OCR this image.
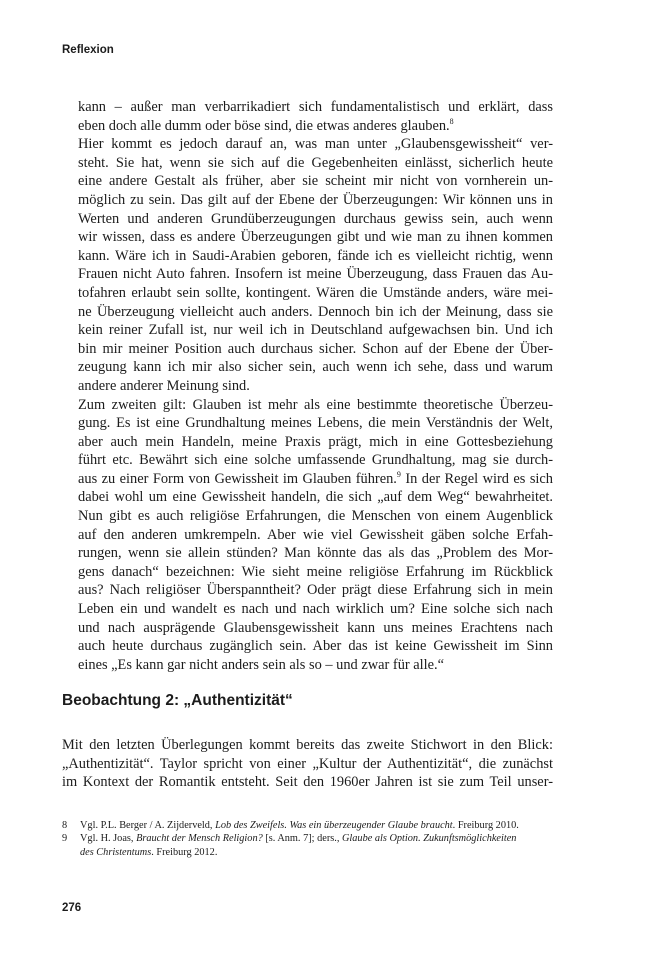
Reflexion
kann – außer man verbarrikadiert sich fundamentalistisch und erklärt, dass
eben doch alle dumm oder böse sind, die etwas anderes glauben.$^8$
Hier kommt es jedoch darauf an, was man unter „Glaubensgewissheit“ ver-
steht. Sie hat, wenn sie sich auf die Gegebenheiten einlässt, sicherlich heute
eine andere Gestalt als früher, aber sie scheint mir nicht von vornherein un-
möglich zu sein. Das gilt auf der Ebene der Überzeugungen: Wir können uns in
Werten und anderen Grundüberzeugungen durchaus gewiss sein, auch wenn
wir wissen, dass es andere Überzeugungen gibt und wie man zu ihnen kommen
kann. Wäre ich in Saudi-Arabien geboren, fände ich es vielleicht richtig, wenn
Frauen nicht Auto fahren. Insofern ist meine Überzeugung, dass Frauen das Au-
tofahren erlaubt sein sollte, kontingent. Wären die Umstände anders, wäre mei-
ne Überzeugung vielleicht auch anders. Dennoch bin ich der Meinung, dass sie
kein reiner Zufall ist, nur weil ich in Deutschland aufgewachsen bin. Und ich
bin mir meiner Position auch durchaus sicher. Schon auf der Ebene der Über-
zeugung kann ich mir also sicher sein, auch wenn ich sehe, dass und warum
andere anderer Meinung sind.
Zum zweiten gilt: Glauben ist mehr als eine bestimmte theoretische Überzeu-
gung. Es ist eine Grundhaltung meines Lebens, die mein Verständnis der Welt,
aber auch mein Handeln, meine Praxis prägt, mich in eine Gottesbeziehung
führt etc. Bewährt sich eine solche umfassende Grundhaltung, mag sie durch-
aus zu einer Form von Gewissheit im Glauben führen.$^9$ In der Regel wird es sich
dabei wohl um eine Gewissheit handeln, die sich „auf dem Weg“ bewahrheitet.
Nun gibt es auch religiöse Erfahrungen, die Menschen von einem Augenblick
auf den anderen umkrempeln. Aber wie viel Gewissheit gäben solche Erfah-
rungen, wenn sie allein stünden? Man könnte das als das „Problem des Mor-
gens danach“ bezeichnen: Wie sieht meine religiöse Erfahrung im Rückblick
aus? Nach religiöser Überspanntheit? Oder prägt diese Erfahrung sich in mein
Leben ein und wandelt es nach und nach wirklich um? Eine solche sich nach
und nach ausprägende Glaubensgewissheit kann uns meines Erachtens nach
auch heute durchaus zugänglich sein. Aber das ist keine Gewissheit im Sinn
eines „Es kann gar nicht anders sein als so – und zwar für alle.“
Beobachtung 2: „Authentizität“
Mit den letzten Überlegungen kommt bereits das zweite Stichwort in den Blick:
„Authentizität“. Taylor spricht von einer „Kultur der Authentizität“, die zunächst
im Kontext der Romantik entsteht. Seit den 1960er Jahren ist sie zum Teil unser-
8	Vgl. P.L. Berger / A. Zijderveld, Lob des Zweifels. Was ein überzeugender Glaube braucht. Freiburg 2010.
9	Vgl. H. Joas, Braucht der Mensch Religion? [s. Anm. 7]; ders., Glaube als Option. Zukunftsmöglichkeiten
des Christentums. Freiburg 2012.
276
